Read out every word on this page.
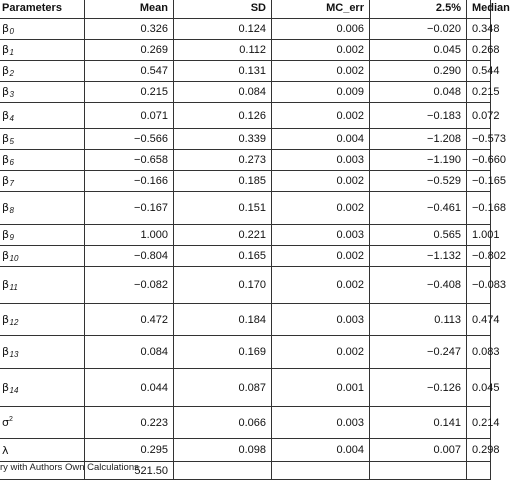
Parameters	Mean	SD	MC_err	2.5%	Median
β0	0.326	0.124	0.006	−0.020	0.348
β1	0.269	0.112	0.002	0.045	0.268
β2	0.547	0.131	0.002	0.290	0.544
β3	0.215	0.084	0.009	0.048	0.215
β4	0.071	0.126	0.002	−0.183	0.072
β5	−0.566	0.339	0.004	−1.208	−0.573
β6	−0.658	0.273	0.003	−1.190	−0.660
β7	−0.166	0.185	0.002	−0.529	−0.165
β8	−0.167	0.151	0.002	−0.461	−0.168
β9	1.000	0.221	0.003	0.565	1.001
β10	−0.804	0.165	0.002	−1.132	−0.802
β11	−0.082	0.170	0.002	−0.408	−0.083
β12	0.472	0.184	0.003	0.113	0.474
β13	0.084	0.169	0.002	−0.247	0.083
β14	0.044	0.087	0.001	−0.126	0.045
$\sigma^2$	0.223	0.066	0.003	0.141	0.214
λ	0.295	0.098	0.004	0.007	0.298
	521.50				
ry with Authors Own Calculations
